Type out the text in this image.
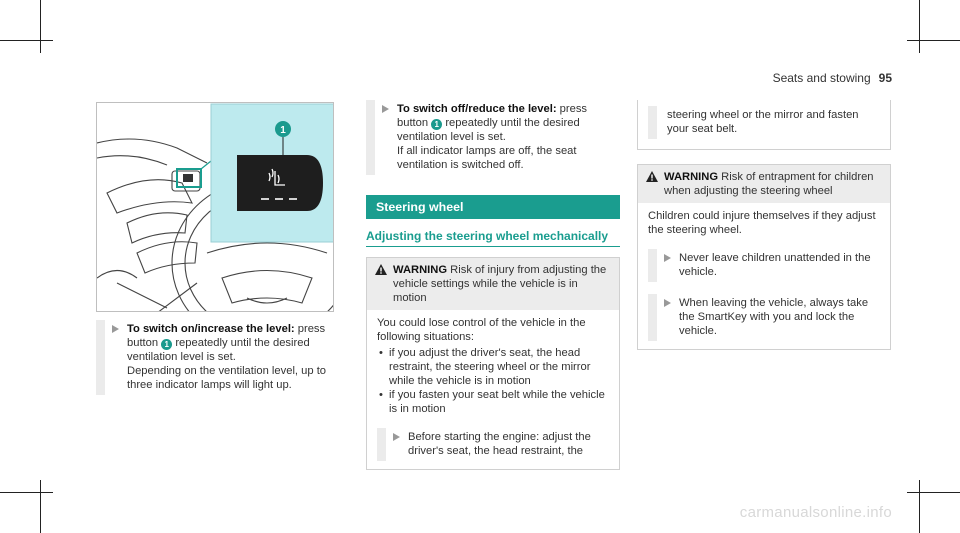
Seats and stowing 95
1
To switch on/increase the level: press button 1 repeatedly until the desired ventilation level is set.
Depending on the ventilation level, up to three indicator lamps will light up.
To switch off/reduce the level: press button 1 repeatedly until the desired ventilation level is set.
If all indicator lamps are off, the seat ventilation is switched off.
Steering wheel
Adjusting the steering wheel mechanically
WARNING Risk of injury from adjusting the vehicle settings while the vehicle is in motion
You could lose control of the vehicle in the following situations:
• if you adjust the driver's seat, the head restraint, the steering wheel or the mirror while the vehicle is in motion
• if you fasten your seat belt while the vehicle is in motion
Before starting the engine: adjust the driver's seat, the head restraint, the
steering wheel or the mirror and fasten your seat belt.
WARNING Risk of entrapment for children when adjusting the steering wheel
Children could injure themselves if they adjust the steering wheel.
Never leave children unattended in the vehicle.
When leaving the vehicle, always take the SmartKey with you and lock the vehicle.
carmanualsonline.info
